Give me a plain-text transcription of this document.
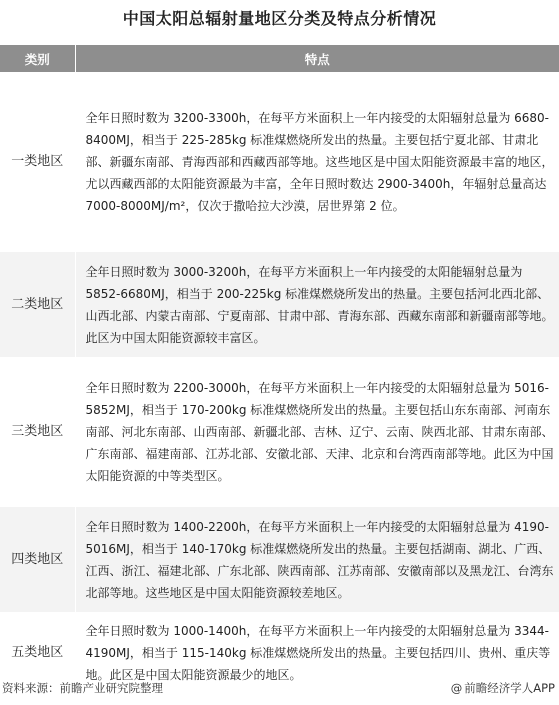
中国太阳总辐射量地区分类及特点分析情况
类别	特点
一类地区	全年日照时数为 3200-3300h，在每平方米面积上一年内接受的太阳辐射总量为 6680-8400MJ，相当于 225-285kg 标准煤燃烧所发出的热量。主要包括宁夏北部、甘肃北部、新疆东南部、青海西部和西藏西部等地。这些地区是中国太阳能资源最丰富的地区，尤以西藏西部的太阳能资源最为丰富，全年日照时数达 2900-3400h，年辐射总量高达 7000-8000MJ/m²，仅次于撒哈拉大沙漠，居世界第 2 位。
二类地区	全年日照时数为 3000-3200h，在每平方米面积上一年内接受的太阳能辐射总量为 5852-6680MJ，相当于 200-225kg 标准煤燃烧所发出的热量。主要包括河北西北部、山西北部、内蒙古南部、宁夏南部、甘肃中部、青海东部、西藏东南部和新疆南部等地。此区为中国太阳能资源较丰富区。
三类地区	全年日照时数为 2200-3000h，在每平方米面积上一年内接受的太阳辐射总量为 5016-5852MJ，相当于 170-200kg 标准煤燃烧所发出的热量。主要包括山东东南部、河南东南部、河北东南部、山西南部、新疆北部、吉林、辽宁、云南、陕西北部、甘肃东南部、广东南部、福建南部、江苏北部、安徽北部、天津、北京和台湾西南部等地。此区为中国太阳能资源的中等类型区。
四类地区	全年日照时数为 1400-2200h，在每平方米面积上一年内接受的太阳辐射总量为 4190-5016MJ，相当于 140-170kg 标准煤燃烧所发出的热量。主要包括湖南、湖北、广西、江西、浙江、福建北部、广东北部、陕西南部、江苏南部、安徽南部以及黑龙江、台湾东北部等地。这些地区是中国太阳能资源较差地区。
五类地区	全年日照时数为 1000-1400h，在每平方米面积上一年内接受的太阳辐射总量为 3344-4190MJ，相当于 115-140kg 标准煤燃烧所发出的热量。主要包括四川、贵州、重庆等地。此区是中国太阳能资源最少的地区。
资料来源：前瞻产业研究院整理	@ 前瞻经济学人APP
